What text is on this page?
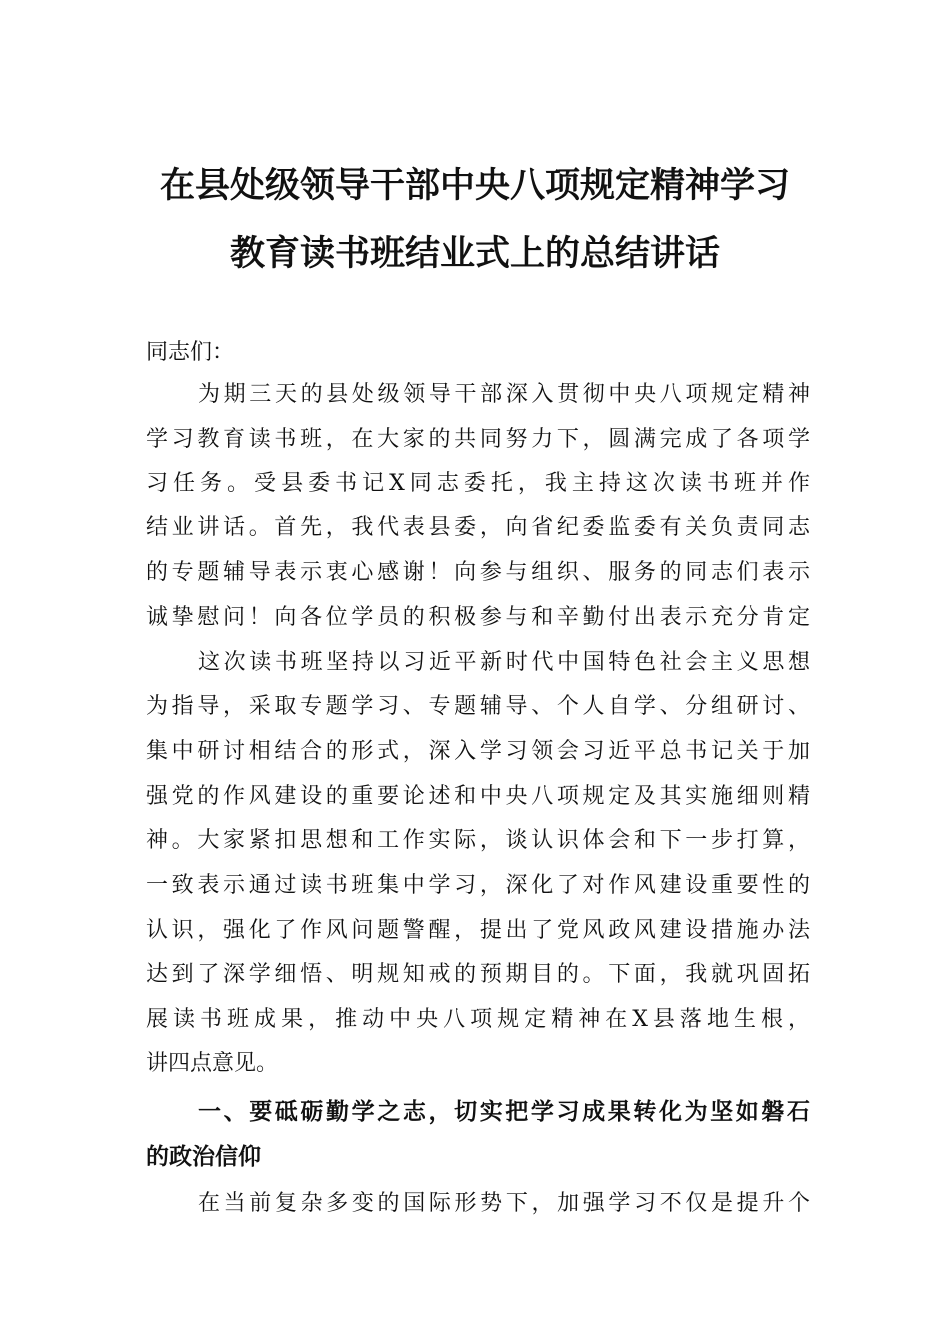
在县处级领导干部中央八项规定精神学习
教育读书班结业式上的总结讲话
同志们：
为期三天的县处级领导干部深入贯彻中央八项规定精神
学习教育读书班，在大家的共同努力下，圆满完成了各项学
习任务。受县委书记X同志委托，我主持这次读书班并作
结业讲话。首先，我代表县委，向省纪委监委有关负责同志
的专题辅导表示衷心感谢！向参与组织、服务的同志们表示
诚挚慰问！向各位学员的积极参与和辛勤付出表示充分肯定
这次读书班坚持以习近平新时代中国特色社会主义思想
为指导，采取专题学习、专题辅导、个人自学、分组研讨、
集中研讨相结合的形式，深入学习领会习近平总书记关于加
强党的作风建设的重要论述和中央八项规定及其实施细则精
神。大家紧扣思想和工作实际，谈认识体会和下一步打算，
一致表示通过读书班集中学习，深化了对作风建设重要性的
认识，强化了作风问题警醒，提出了党风政风建设措施办法
达到了深学细悟、明规知戒的预期目的。下面，我就巩固拓
展读书班成果，推动中央八项规定精神在X县落地生根，
讲四点意见。
一、要砥砺勤学之志，切实把学习成果转化为坚如磐石
的政治信仰
在当前复杂多变的国际形势下，加强学习不仅是提升个
